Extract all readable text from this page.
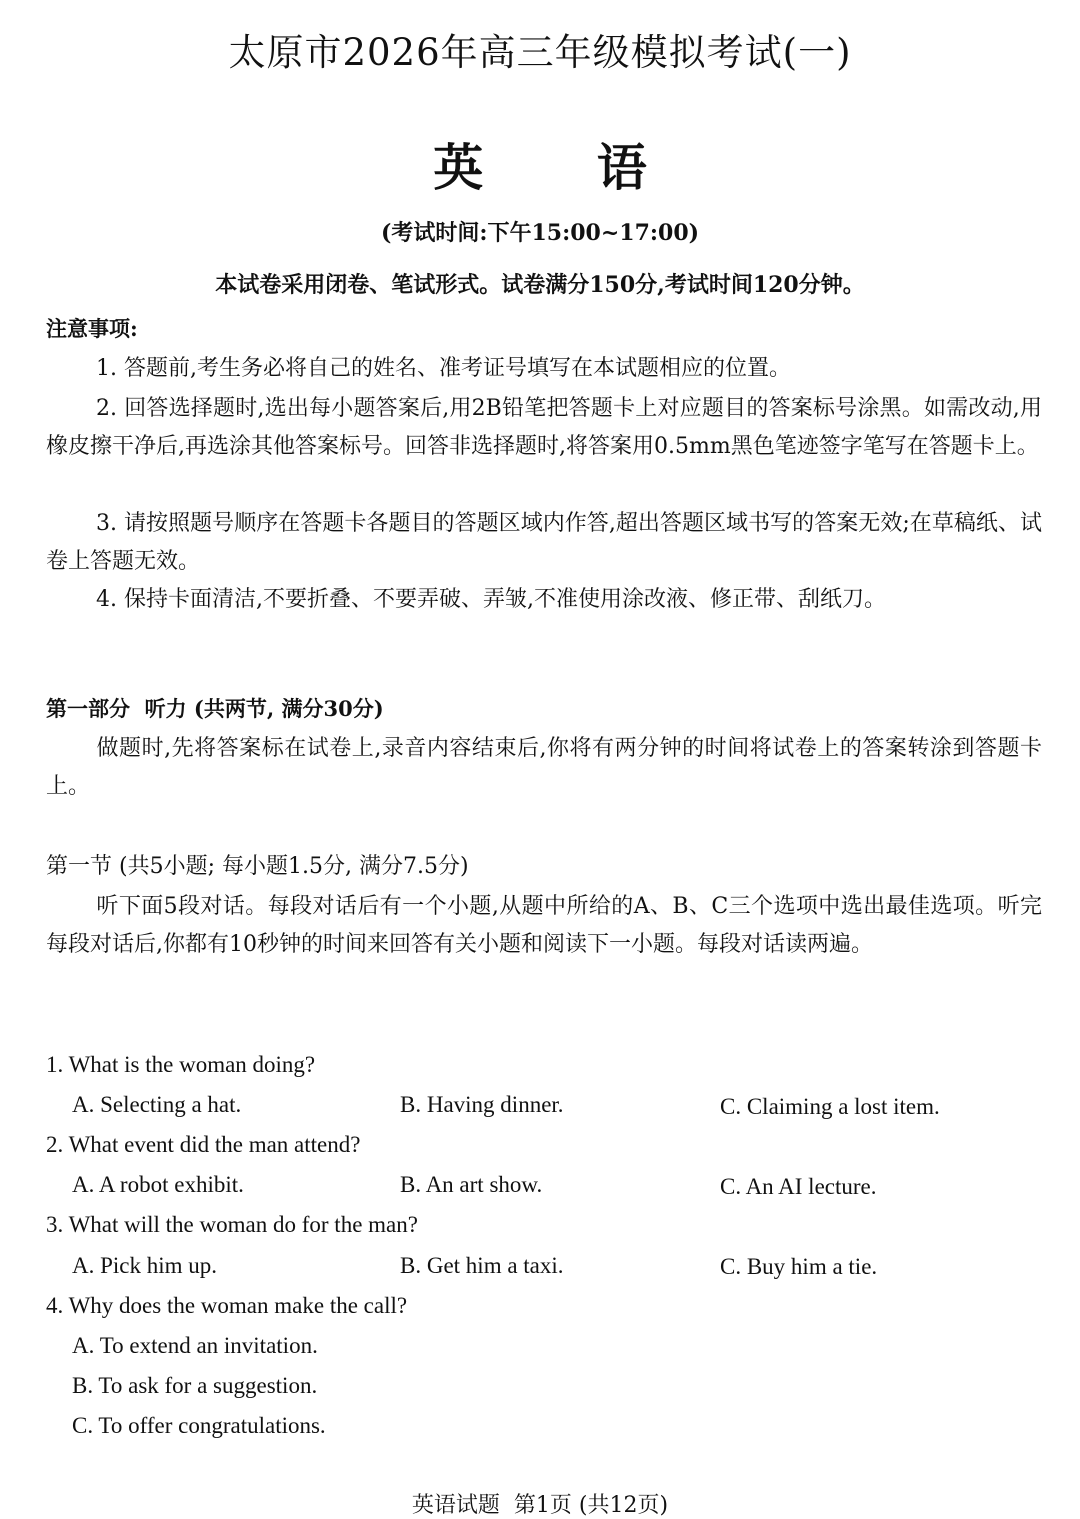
太原市2026年高三年级模拟考试(一)
英 语
(考试时间:下午15:00~17:00)
本试卷采用闭卷、笔试形式。试卷满分150分,考试时间120分钟。
注意事项:
1. 答题前,考生务必将自己的姓名、准考证号填写在本试题相应的位置。
2. 回答选择题时,选出每小题答案后,用2B铅笔把答题卡上对应题目的答案标号涂黑。如需改动,用橡皮擦干净后,再选涂其他答案标号。回答非选择题时,将答案用0.5mm黑色笔迹签字笔写在答题卡上。
3. 请按照题号顺序在答题卡各题目的答题区域内作答,超出答题区域书写的答案无效;在草稿纸、试卷上答题无效。
4. 保持卡面清洁,不要折叠、不要弄破、弄皱,不准使用涂改液、修正带、刮纸刀。
第一部分  听力 (共两节, 满分30分)
做题时,先将答案标在试卷上,录音内容结束后,你将有两分钟的时间将试卷上的答案转涂到答题卡上。
第一节 (共5小题; 每小题1.5分, 满分7.5分)
听下面5段对话。每段对话后有一个小题,从题中所给的A、B、C三个选项中选出最佳选项。听完每段对话后,你都有10秒钟的时间来回答有关小题和阅读下一小题。每段对话读两遍。
1. What is the woman doing?
A. Selecting a hat.	B. Having dinner.	C. Claiming a lost item.
2. What event did the man attend?
A. A robot exhibit.	B. An art show.	C. An AI lecture.
3. What will the woman do for the man?
A. Pick him up.	B. Get him a taxi.	C. Buy him a tie.
4. Why does the woman make the call?
A. To extend an invitation.
B. To ask for a suggestion.
C. To offer congratulations.
英语试题  第1页 (共12页)
